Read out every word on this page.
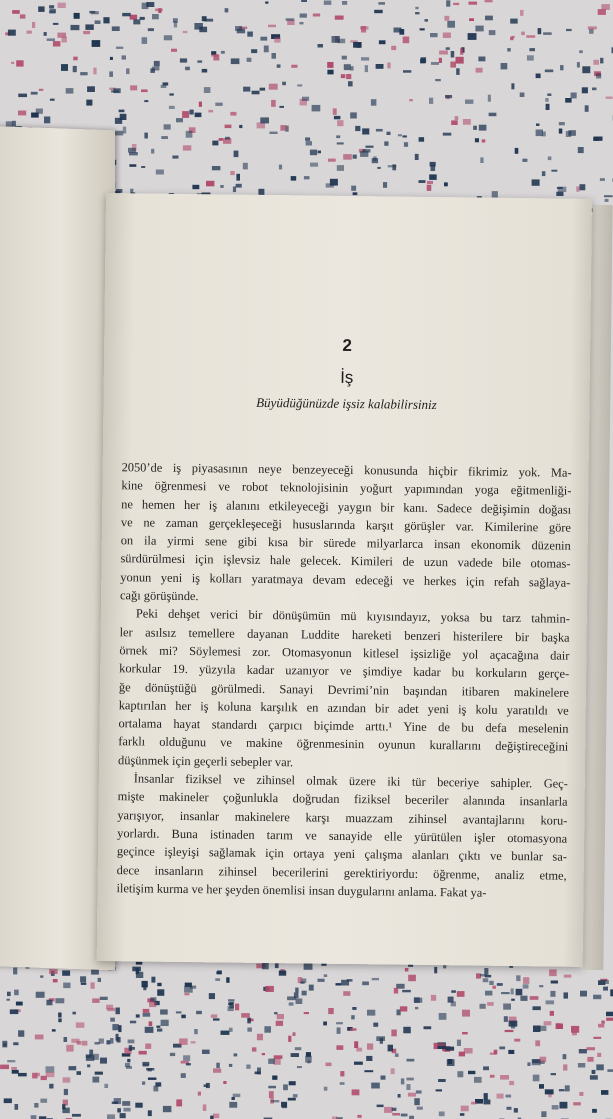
2
İş
Büyüdüğünüzde işsiz kalabilirsiniz
2050’de iş piyasasının neye benzeyeceği konusunda hiçbir fikrimiz yok. Ma-
kine öğrenmesi ve robot teknolojisinin yoğurt yapımından yoga eğitmenliği-
ne hemen her iş alanını etkileyeceği yaygın bir kanı. Sadece değişimin doğası
ve ne zaman gerçekleşeceği hususlarında karşıt görüşler var. Kimilerine göre
on ila yirmi sene gibi kısa bir sürede milyarlarca insan ekonomik düzenin
sürdürülmesi için işlevsiz hale gelecek. Kimileri de uzun vadede bile otomas-
yonun yeni iş kolları yaratmaya devam edeceği ve herkes için refah sağlaya-
cağı görüşünde.
Peki dehşet verici bir dönüşümün mü kıyısındayız, yoksa bu tarz tahmin-
ler asılsız temellere dayanan Luddite hareketi benzeri histerilere bir başka
örnek mi? Söylemesi zor. Otomasyonun kitlesel işsizliğe yol açacağına dair
korkular 19. yüzyıla kadar uzanıyor ve şimdiye kadar bu korkuların gerçe-
ğe dönüştüğü görülmedi. Sanayi Devrimi’nin başından itibaren makinelere
kaptırılan her iş koluna karşılık en azından bir adet yeni iş kolu yaratıldı ve
ortalama hayat standardı çarpıcı biçimde arttı.¹ Yine de bu defa meselenin
farklı olduğunu ve makine öğrenmesinin oyunun kurallarını değiştireceğini
düşünmek için geçerli sebepler var.
İnsanlar fiziksel ve zihinsel olmak üzere iki tür beceriye sahipler. Geç-
mişte makineler çoğunlukla doğrudan fiziksel beceriler alanında insanlarla
yarışıyor, insanlar makinelere karşı muazzam zihinsel avantajlarını koru-
yorlardı. Buna istinaden tarım ve sanayide elle yürütülen işler otomasyona
geçince işleyişi sağlamak için ortaya yeni çalışma alanları çıktı ve bunlar sa-
dece insanların zihinsel becerilerini gerektiriyordu: öğrenme, analiz etme,
iletişim kurma ve her şeyden önemlisi insan duygularını anlama. Fakat ya-
